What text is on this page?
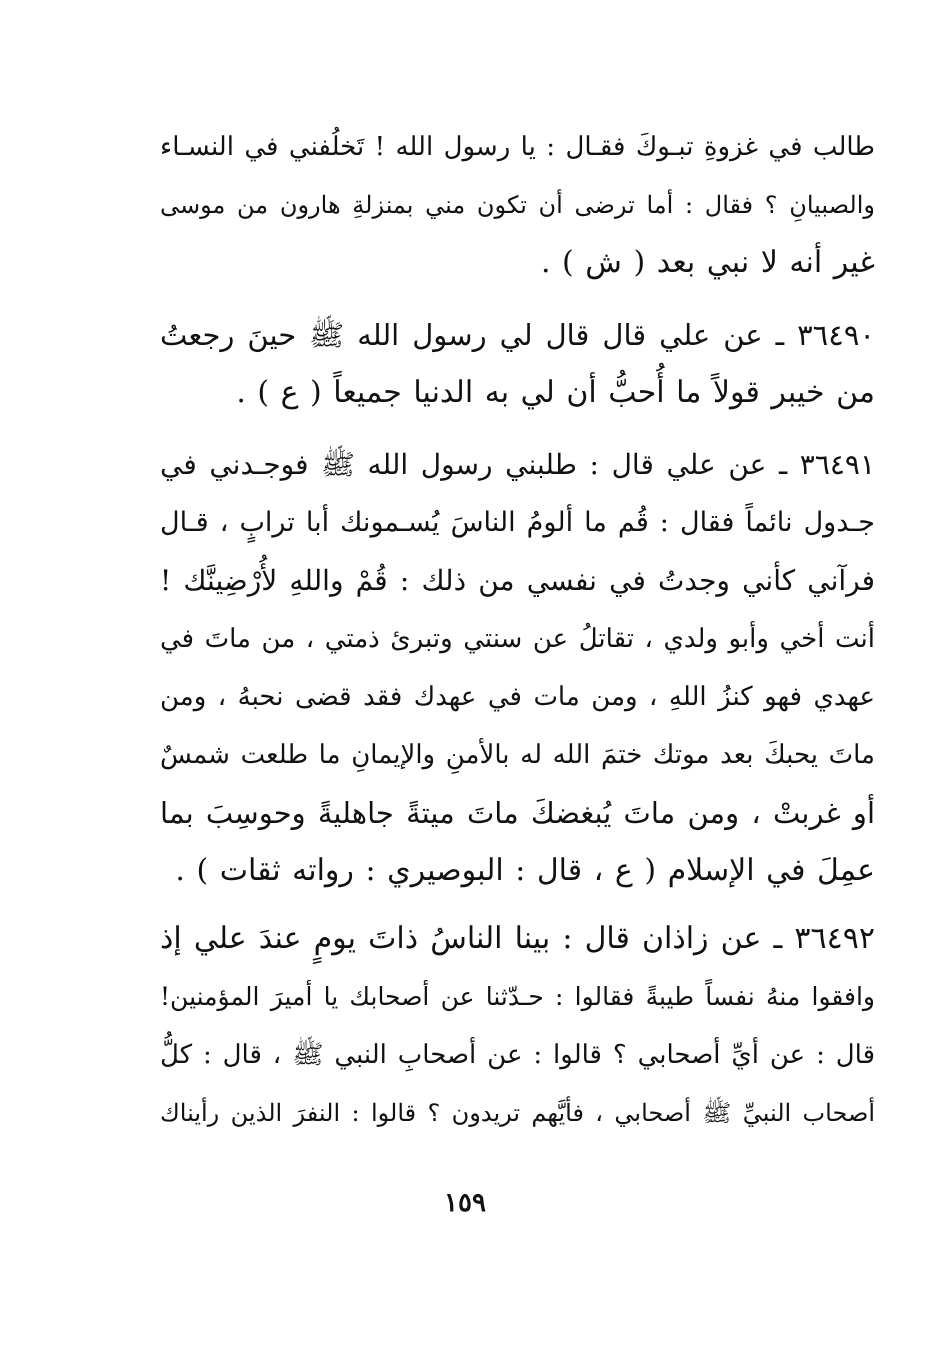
طالب في غزوةِ تبـوكَ فقـال : يا رسول الله ! تَخلُفني في النسـاء
والصبيانِ ؟ فقال : أما ترضى أن تكون مني بمنزلةِ هارون من موسى
غير أنه لا نبي بعد ( ش ) .
٣٦٤٩٠ ـ عن علي قال قال لي رسول الله ﷺ حينَ رجعتُ
من خيبر قولاً ما أُحبُّ أن لي به الدنيا جميعاً ( ع ) .
٣٦٤٩١ ـ عن علي قال : طلبني رسول الله ﷺ فوجـدني في
جـدول نائماً فقال : قُم ما ألومُ الناسَ يُسـمونك أبا ترابٍ ، قـال
فرآني كأني وجدتُ في نفسي من ذلك : قُمْ واللهِ لأُرْضِينَّك !
أنت أخي وأبو ولدي ، تقاتلُ عن سنتي وتبرئ ذمتي ، من ماتَ في
عهدي فهو كنزُ اللهِ ، ومن مات في عهدك فقد قضى نحبهُ ، ومن
ماتَ يحبكَ بعد موتك ختمَ الله له بالأمنِ والإيمانِ ما طلعت شمسٌ
أو غربتْ ، ومن ماتَ يُبغضكَ ماتَ ميتةً جاهليةً وحوسِبَ بما
عمِلَ في الإسلام ( ع ، قال : البوصيري : رواته ثقات ) .
٣٦٤٩٢ ـ عن زاذان قال : بينا الناسُ ذاتَ يومٍ عندَ علي إذ
وافقوا منهُ نفساً طيبةً فقالوا : حـدّثنا عن أصحابك يا أميرَ المؤمنين!
قال : عن أيِّ أصحابي ؟ قالوا : عن أصحابِ النبي ﷺ ، قال : كلُّ
أصحاب النبيِّ ﷺ أصحابي ، فأيَّهم تريدون ؟ قالوا : النفرَ الذين رأيناك
١٥٩
